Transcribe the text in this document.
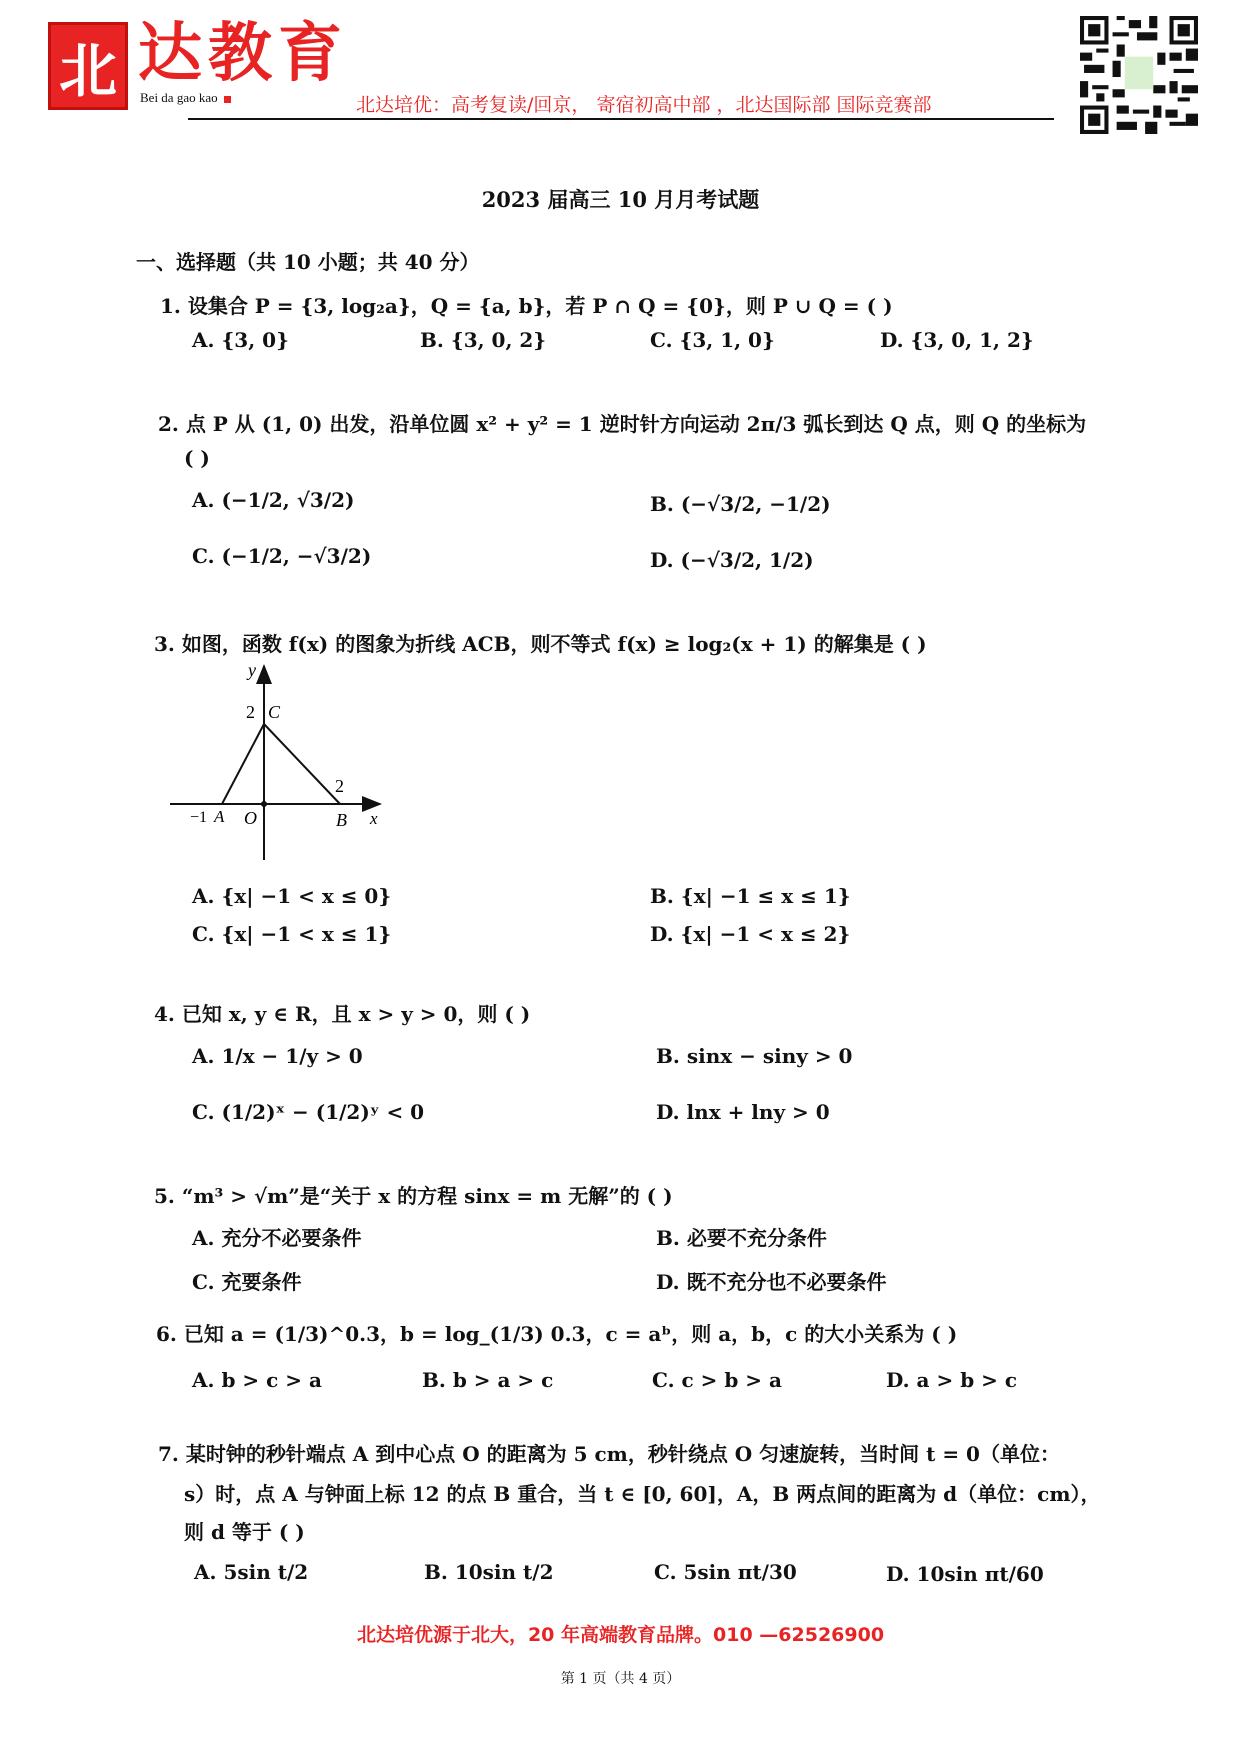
北 达教育
Bei da gao kao	北达培优：高考复读/回京， 寄宿初高中部 ，北达国际部 国际竞赛部
2023 届高三 10 月月考试题
一、选择题（共 10 小题；共 40 分）
1. 设集合 P = {3, log₂a}，Q = {a, b}，若 P ∩ Q = {0}，则 P ∪ Q = ( )
A. {3, 0}	B. {3, 0, 2}	C. {3, 1, 0}	D. {3, 0, 1, 2}
2. 点 P 从 (1, 0) 出发，沿单位圆 x² + y² = 1 逆时针方向运动 2π/3 弧长到达 Q 点，则 Q 的坐标为
( )
A. (−1/2, √3/2)	B. (−√3/2, −1/2)
C. (−1/2, −√3/2)	D. (−√3/2, 1/2)
3. 如图，函数 f(x) 的图象为折线 ACB，则不等式 f(x) ≥ log₂(x + 1) 的解集是 ( )
y
2 C
2
−1 A O	B x
A. {x| −1 < x ≤ 0}	B. {x| −1 ≤ x ≤ 1}
C. {x| −1 < x ≤ 1}	D. {x| −1 < x ≤ 2}
4. 已知 x, y ∈ R，且 x > y > 0，则 ( )
A. 1/x − 1/y > 0	B. sinx − siny > 0
C. (1/2)ˣ − (1/2)ʸ < 0	D. lnx + lny > 0
5. “m³ > √m”是“关于 x 的方程 sinx = m 无解”的 ( )
A. 充分不必要条件	B. 必要不充分条件
C. 充要条件	D. 既不充分也不必要条件
6. 已知 a = (1/3)^0.3，b = log_(1/3) 0.3，c = aᵇ，则 a，b，c 的大小关系为 ( )
A. b > c > a	B. b > a > c	C. c > b > a	D. a > b > c
7. 某时钟的秒针端点 A 到中心点 O 的距离为 5 cm，秒针绕点 O 匀速旋转，当时间 t = 0（单位：
s）时，点 A 与钟面上标 12 的点 B 重合，当 t ∈ [0, 60]，A，B 两点间的距离为 d（单位：cm），
则 d 等于 ( )
A. 5sin t/2	B. 10sin t/2	C. 5sin πt/30	D. 10sin πt/60
北达培优源于北大，20 年高端教育品牌。010 —62526900
第 1 页（共 4 页）
